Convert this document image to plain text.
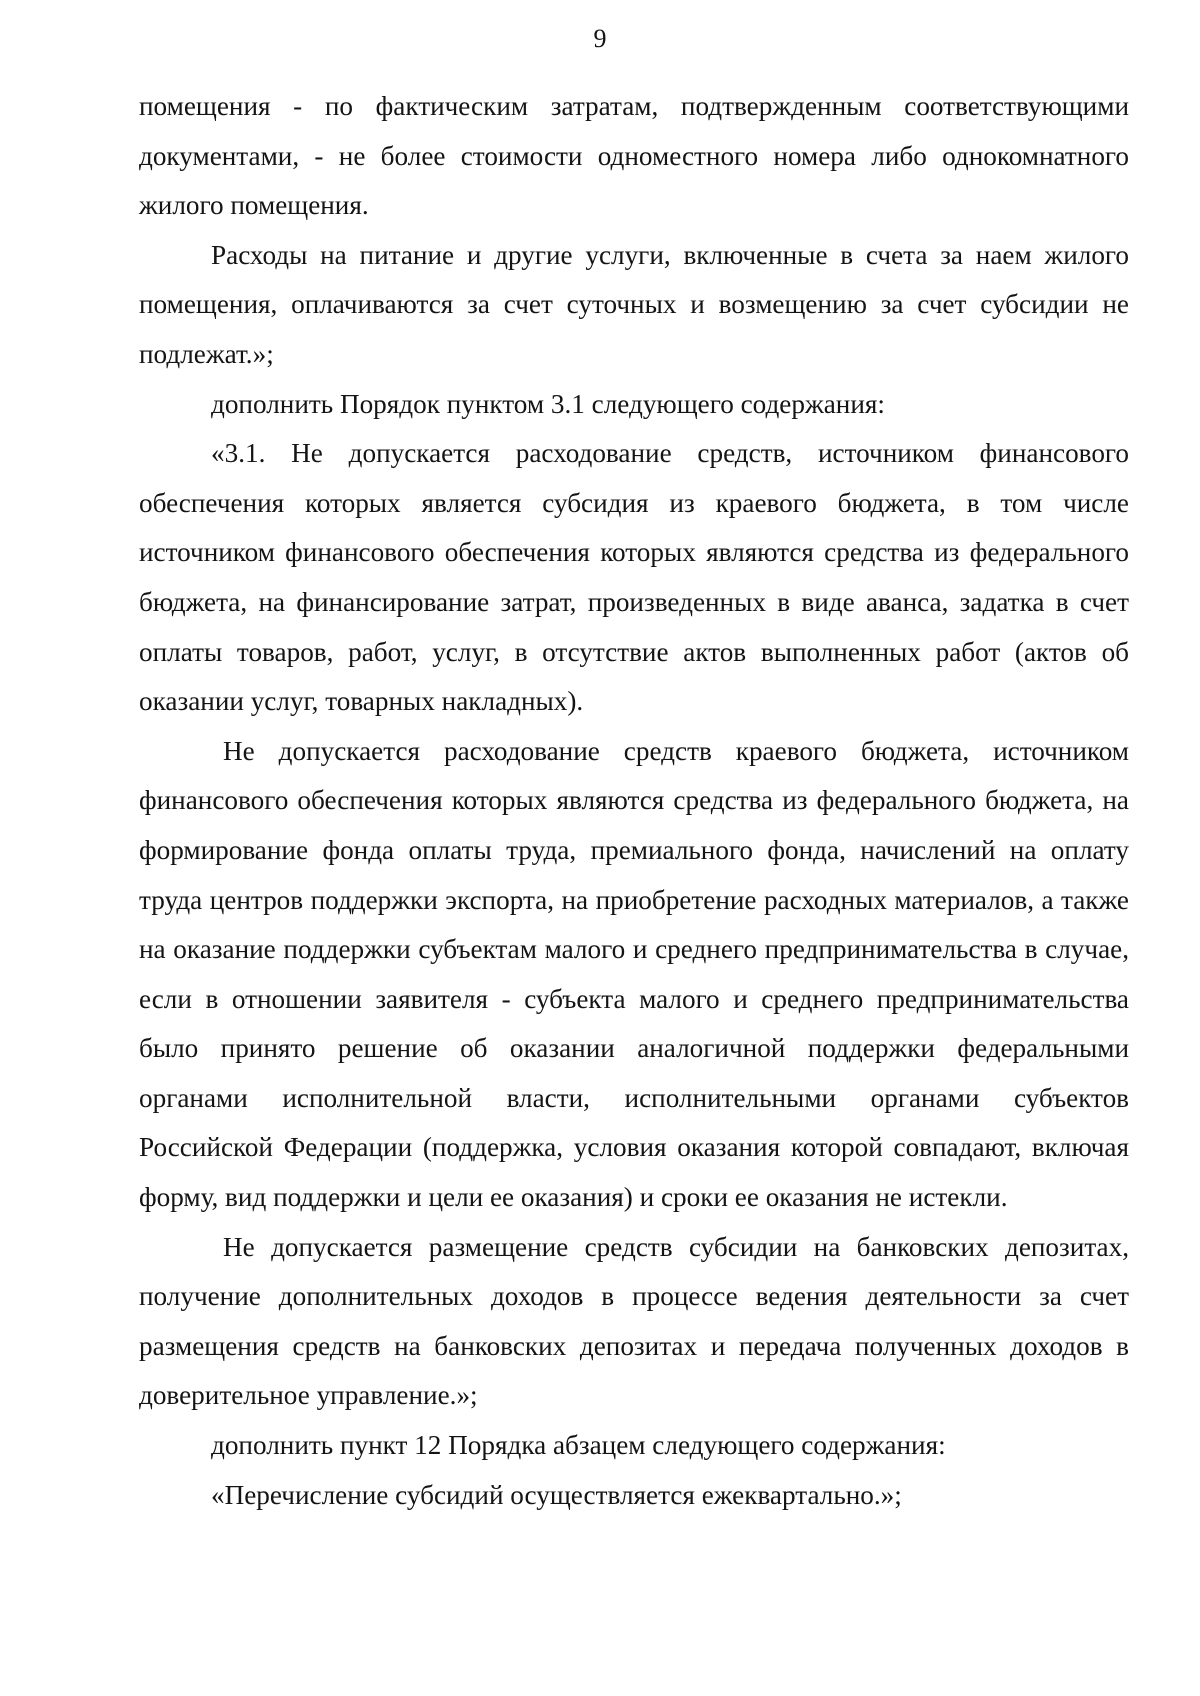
9

помещения - по фактическим затратам, подтвержденным соответствующими документами, - не более стоимости одноместного номера либо однокомнатного жилого помещения.

Расходы на питание и другие услуги, включенные в счета за наем жилого помещения, оплачиваются за счет суточных и возмещению за счет субсидии не подлежат.»;

дополнить Порядок пунктом 3.1 следующего содержания:

«3.1. Не допускается расходование средств, источником финансового обеспечения которых является субсидия из краевого бюджета, в том числе источником финансового обеспечения которых являются средства из федерального бюджета, на финансирование затрат, произведенных в виде аванса, задатка в счет оплаты товаров, работ, услуг, в отсутствие актов выполненных работ (актов об оказании услуг, товарных накладных).

Не допускается расходование средств краевого бюджета, источником финансового обеспечения которых являются средства из федерального бюджета, на формирование фонда оплаты труда, премиального фонда, начислений на оплату труда центров поддержки экспорта, на приобретение расходных материалов, а также на оказание поддержки субъектам малого и среднего предпринимательства в случае, если в отношении заявителя - субъекта малого и среднего предпринимательства было принято решение об оказании аналогичной поддержки федеральными органами исполнительной власти, исполнительными органами субъектов Российской Федерации (поддержка, условия оказания которой совпадают, включая форму, вид поддержки и цели ее оказания) и сроки ее оказания не истекли.

Не допускается размещение средств субсидии на банковских депозитах, получение дополнительных доходов в процессе ведения деятельности за счет размещения средств на банковских депозитах и передача полученных доходов в доверительное управление.»;

дополнить пункт 12 Порядка абзацем следующего содержания:

«Перечисление субсидий осуществляется ежеквартально.»;
